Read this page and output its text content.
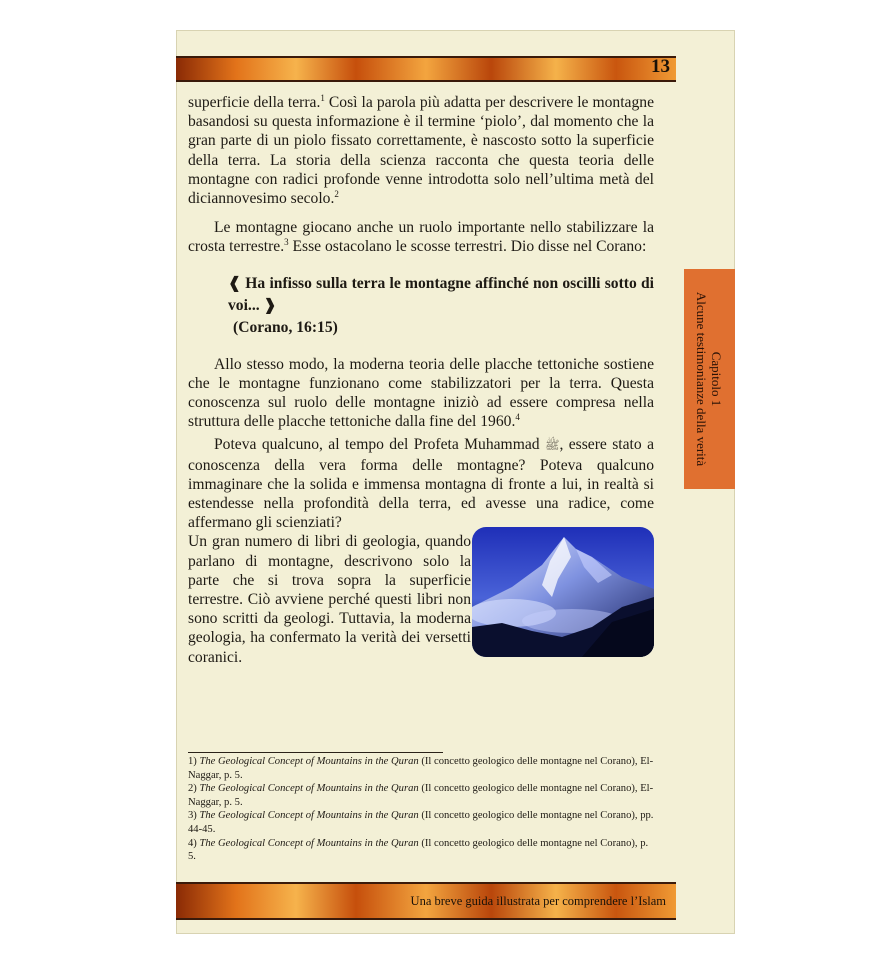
13

superficie della terra.$^1$ Così la parola più adatta per descrivere le montagne basandosi su questa informazione è il termine ‘piolo’, dal momento che la gran parte di un piolo fissato correttamente, è nascosto sotto la superficie della terra. La storia della scienza racconta che questa teoria delle montagne con radici profonde venne introdotta solo nell’ultima metà del diciannovesimo secolo.$^2$

Le montagne giocano anche un ruolo importante nello stabilizzare la crosta terrestre.$^3$ Esse ostacolano le scosse terrestri. Dio disse nel Corano:

❰ Ha infisso sulla terra le montagne affinché non oscilli sotto di voi... ❱
(Corano, 16:15)

Allo stesso modo, la moderna teoria delle placche tettoniche sostiene che le montagne funzionano come stabilizzatori per la terra. Questa conoscenza sul ruolo delle montagne iniziò ad essere compresa nella struttura delle placche tettoniche dalla fine del 1960.$^4$

Poteva qualcuno, al tempo del Profeta Muhammad ﷺ, essere stato a conoscenza della vera forma delle montagne? Poteva qualcuno immaginare che la solida e immensa montagna di fronte a lui, in realtà si estendesse nella profondità della terra, ed avesse una radice, come affermano gli scienziati?

Un gran numero di libri di geologia, quando parlano di montagne, descrivono solo la parte che si trova sopra la superficie terrestre. Ciò avviene perché questi libri non sono scritti da geologi. Tuttavia, la moderna geologia, ha confermato la verità dei versetti coranici.

Capitolo 1
Alcune testimonianze della verità
1) The Geological Concept of Mountains in the Quran (Il concetto geologico delle montagne nel Corano), El-Naggar, p. 5.
2) The Geological Concept of Mountains in the Quran (Il concetto geologico delle montagne nel Corano), El-Naggar, p. 5.
3) The Geological Concept of Mountains in the Quran (Il concetto geologico delle montagne nel Corano), pp. 44-45.
4) The Geological Concept of Mountains in the Quran (Il concetto geologico delle montagne nel Corano), p. 5.
Una breve guida illustrata per comprendere l’Islam
